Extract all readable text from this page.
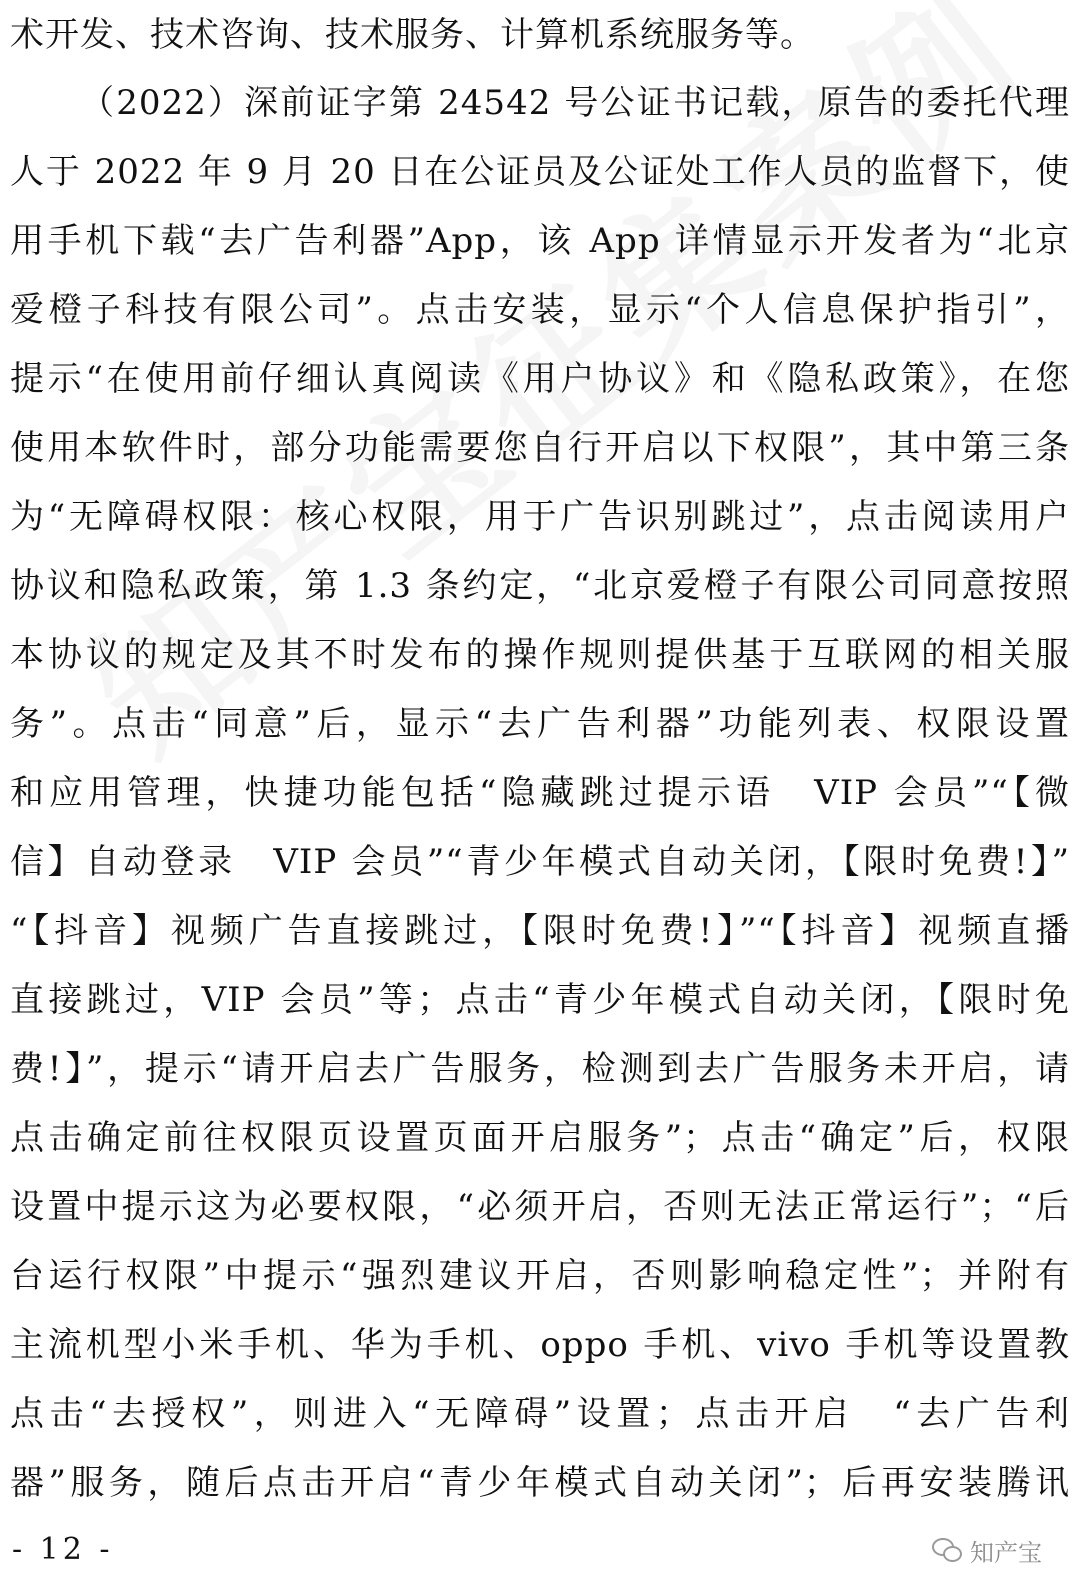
术开发、技术咨询、技术服务、计算机系统服务等。
（2022）深前证字第 24542 号公证书记载，原告的委托代理
人于 2022 年 9 月 20 日在公证员及公证处工作人员的监督下，使
用手机下载“去广告利器”App，该 App 详情显示开发者为“北京
爱橙子科技有限公司”。点击安装，显示“个人信息保护指引”，
提示“在使用前仔细认真阅读《用户协议》和《隐私政策》，在您
使用本软件时，部分功能需要您自行开启以下权限”，其中第三条
为“无障碍权限：核心权限，用于广告识别跳过”，点击阅读用户
协议和隐私政策，第 1.3 条约定，“北京爱橙子有限公司同意按照
本协议的规定及其不时发布的操作规则提供基于互联网的相关服
务”。点击“同意”后，显示“去广告利器”功能列表、权限设置
和应用管理，快捷功能包括“隐藏跳过提示语　VIP 会员”“【微
信】自动登录　VIP 会员”“青少年模式自动关闭，【限时免费!】”
“【抖音】视频广告直接跳过，【限时免费!】”“【抖音】视频直播
直接跳过，VIP 会员”等；点击“青少年模式自动关闭，【限时免
费!】”，提示“请开启去广告服务，检测到去广告服务未开启，请
点击确定前往权限页设置页面开启服务”；点击“确定”后，权限
设置中提示这为必要权限，“必须开启，否则无法正常运行”；“后
台运行权限”中提示“强烈建议开启，否则影响稳定性”；并附有
主流机型小米手机、华为手机、oppo 手机、vivo 手机等设置教
点击“去授权”，则进入“无障碍”设置；点击开启　“去广告利
器”服务，随后点击开启“青少年模式自动关闭”；后再安装腾讯
- 12 -	知产宝
